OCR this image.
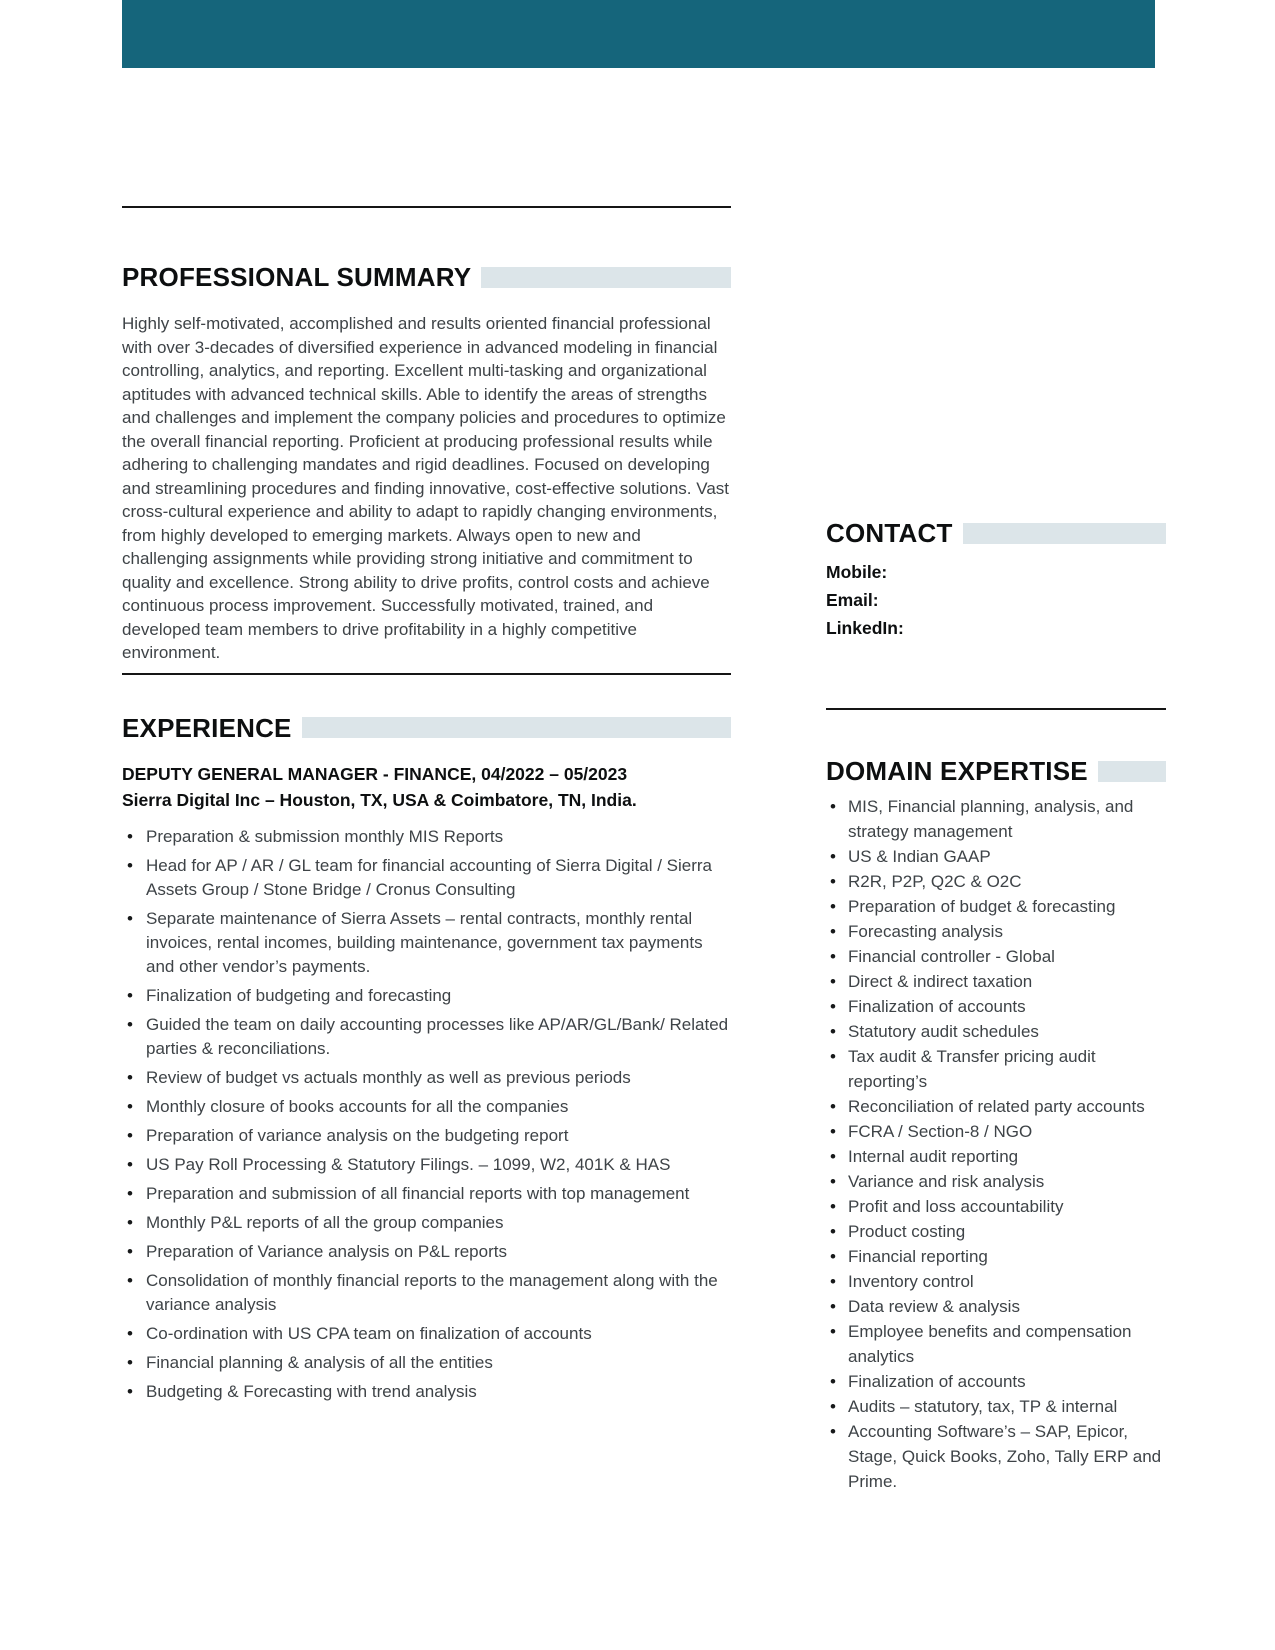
PROFESSIONAL SUMMARY

Highly self-motivated, accomplished and results oriented financial professional with over 3-decades of diversified experience in advanced modeling in financial controlling, analytics, and reporting. Excellent multi-tasking and organizational aptitudes with advanced technical skills. Able to identify the areas of strengths and challenges and implement the company policies and procedures to optimize the overall financial reporting. Proficient at producing professional results while adhering to challenging mandates and rigid deadlines. Focused on developing and streamlining procedures and finding innovative, cost-effective solutions. Vast cross-cultural experience and ability to adapt to rapidly changing environments, from highly developed to emerging markets. Always open to new and challenging assignments while providing strong initiative and commitment to quality and excellence. Strong ability to drive profits, control costs and achieve continuous process improvement. Successfully motivated, trained, and developed team members to drive profitability in a highly competitive environment.

EXPERIENCE

DEPUTY GENERAL MANAGER - FINANCE, 04/2022 – 05/2023

Sierra Digital Inc – Houston, TX, USA & Coimbatore, TN, India.

• Preparation & submission monthly MIS Reports
• Head for AP / AR / GL team for financial accounting of Sierra Digital / Sierra Assets Group / Stone Bridge / Cronus Consulting
• Separate maintenance of Sierra Assets – rental contracts, monthly rental invoices, rental incomes, building maintenance, government tax payments and other vendor’s payments.
• Finalization of budgeting and forecasting
• Guided the team on daily accounting processes like AP/AR/GL/Bank/ Related parties & reconciliations.
• Review of budget vs actuals monthly as well as previous periods
• Monthly closure of books accounts for all the companies
• Preparation of variance analysis on the budgeting report
• US Pay Roll Processing & Statutory Filings. – 1099, W2, 401K & HAS
• Preparation and submission of all financial reports with top management
• Monthly P&L reports of all the group companies
• Preparation of Variance analysis on P&L reports
• Consolidation of monthly financial reports to the management along with the variance analysis
• Co-ordination with US CPA team on finalization of accounts
• Financial planning & analysis of all the entities
• Budgeting & Forecasting with trend analysis
CONTACT
Mobile:
Email:
LinkedIn:
DOMAIN EXPERTISE
• MIS, Financial planning, analysis, and strategy management
• US & Indian GAAP
• R2R, P2P, Q2C & O2C
• Preparation of budget & forecasting
• Forecasting analysis
• Financial controller - Global
• Direct & indirect taxation
• Finalization of accounts
• Statutory audit schedules
• Tax audit & Transfer pricing audit reporting’s
• Reconciliation of related party accounts
• FCRA / Section-8 / NGO
• Internal audit reporting
• Variance and risk analysis
• Profit and loss accountability
• Product costing
• Financial reporting
• Inventory control
• Data review & analysis
• Employee benefits and compensation analytics
• Finalization of accounts
• Audits – statutory, tax, TP & internal
• Accounting Software’s – SAP, Epicor, Stage, Quick Books, Zoho, Tally ERP and Prime.
